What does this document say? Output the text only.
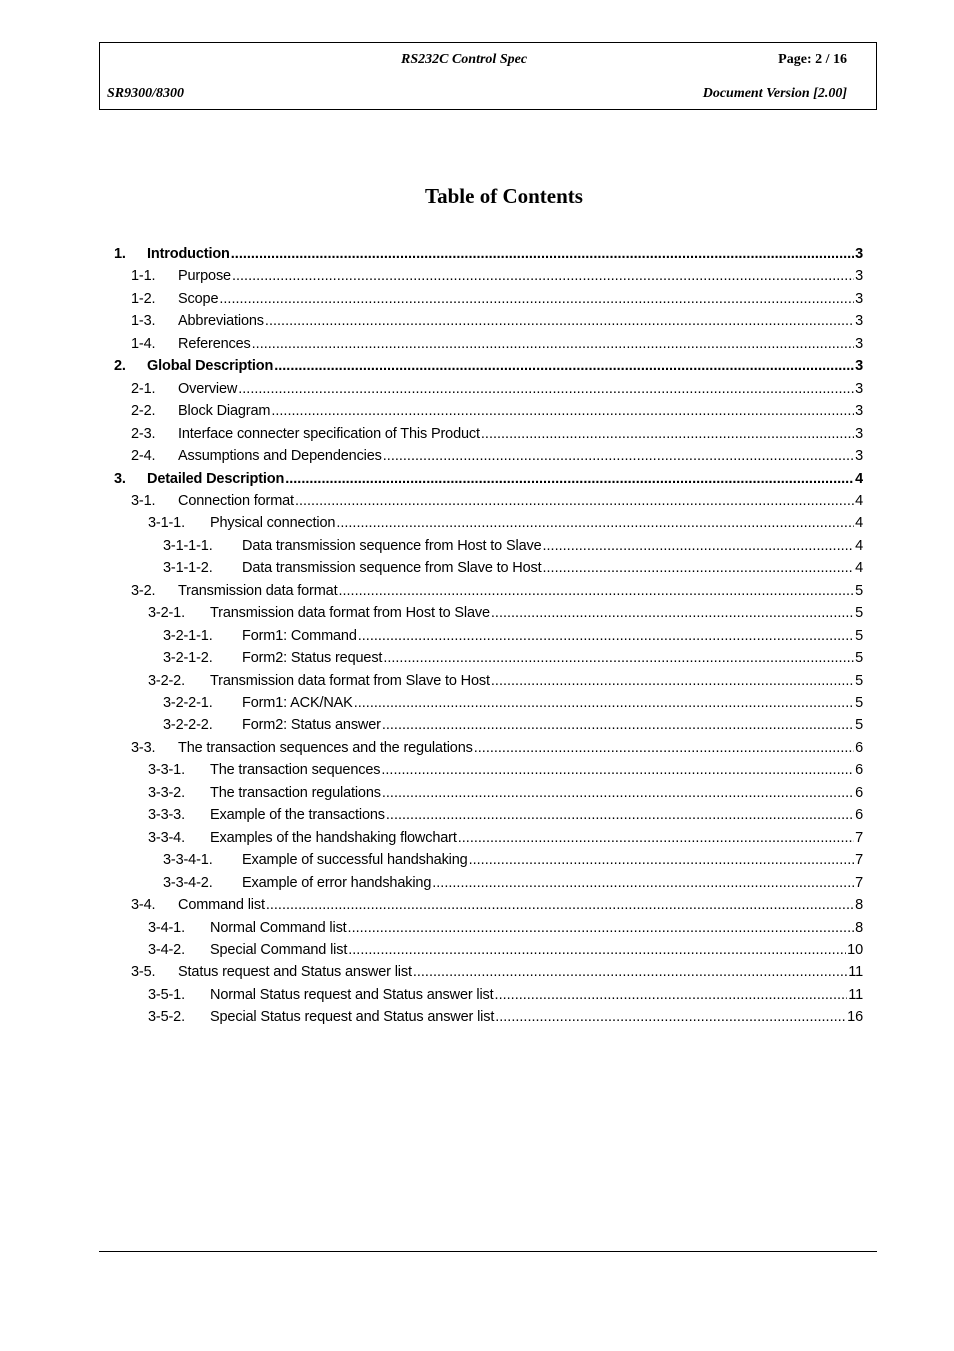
RS232C Control Spec	Page: 2 / 16
SR9300/8300	Document Version [2.00]
Table of Contents
1.	Introduction .....	3
1-1.	Purpose .....	3
1-2.	Scope .....	3
1-3.	Abbreviations .....	3
1-4.	References .....	3
2.	Global Description .....	3
2-1.	Overview .....	3
2-2.	Block Diagram .....	3
2-3.	Interface connecter specification of This Product .....	3
2-4.	Assumptions and Dependencies .....	3
3.	Detailed Description .....	4
3-1.	Connection format .....	4
3-1-1.	Physical connection .....	4
3-1-1-1.	Data transmission sequence from Host to Slave .....	4
3-1-1-2.	Data transmission sequence from Slave to Host .....	4
3-2.	Transmission data format .....	5
3-2-1.	Transmission data format from Host to Slave .....	5
3-2-1-1.	Form1: Command .....	5
3-2-1-2.	Form2: Status request .....	5
3-2-2.	Transmission data format from Slave to Host .....	5
3-2-2-1.	Form1: ACK/NAK .....	5
3-2-2-2.	Form2: Status answer .....	5
3-3.	The transaction sequences and the regulations .....	6
3-3-1.	The transaction sequences .....	6
3-3-2.	The transaction regulations .....	6
3-3-3.	Example of the transactions .....	6
3-3-4.	Examples of the handshaking flowchart .....	7
3-3-4-1.	Example of successful handshaking .....	7
3-3-4-2.	Example of error handshaking .....	7
3-4.	Command list .....	8
3-4-1.	Normal Command list .....	8
3-4-2.	Special Command list .....	10
3-5.	Status request and Status answer list .....	11
3-5-1.	Normal Status request and Status answer list .....	11
3-5-2.	Special Status request and Status answer list .....	16
